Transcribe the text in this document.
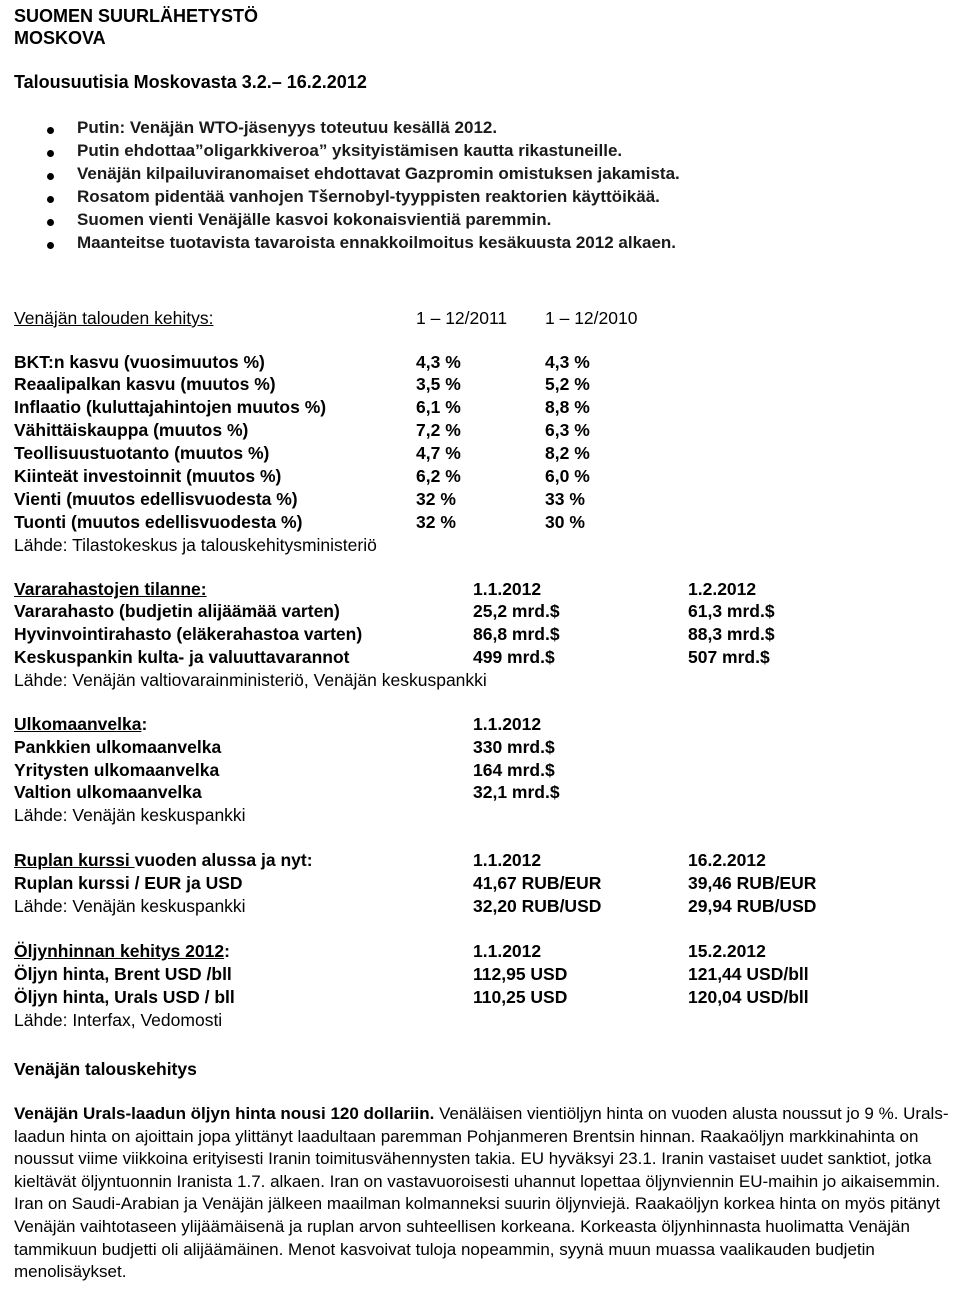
SUOMEN SUURLÄHETYSTÖ
MOSKOVA
Talousuutisia Moskovasta 3.2.– 16.2.2012
Putin: Venäjän WTO-jäsenyys toteutuu kesällä 2012.
Putin ehdottaa”oligarkkiveroa” yksityistämisen kautta rikastuneille.
Venäjän kilpailuviranomaiset ehdottavat Gazpromin omistuksen jakamista.
Rosatom pidentää vanhojen Tšernobyl-tyyppisten reaktorien käyttöikää.
Suomen vienti Venäjälle kasvoi kokonaisvientiä paremmin.
Maanteitse tuotavista tavaroista ennakkoilmoitus kesäkuusta 2012 alkaen.
Venäjän talouden kehitys:	1 – 12/2011 1 – 12/2010
BKT:n kasvu (vuosimuutos %)	4,3 %	4,3 %
Reaalipalkan kasvu (muutos %)	3,5 %	5,2 %
Inflaatio (kuluttajahintojen muutos %)	6,1 %	8,8 %
Vähittäiskauppa (muutos %)	7,2 %	6,3 %
Teollisuustuotanto (muutos %)	4,7 %	8,2 %
Kiinteät investoinnit (muutos %)	6,2 %	6,0 %
Vienti (muutos edellisvuodesta %)	32 %	33 %
Tuonti (muutos edellisvuodesta %)	32 %	30 %
Lähde: Tilastokeskus ja talouskehitysministeriö
Vararahastojen tilanne:	1.1.2012	1.2.2012
Vararahasto (budjetin alijäämää varten)	25,2 mrd.$	61,3 mrd.$
Hyvinvointirahasto (eläkerahastoa varten)	86,8 mrd.$	88,3 mrd.$
Keskuspankin kulta- ja valuuttavarannot	499 mrd.$	507 mrd.$
Lähde: Venäjän valtiovarainministeriö, Venäjän keskuspankki
Ulkomaanvelka:	1.1.2012
Pankkien ulkomaanvelka	330 mrd.$
Yritysten ulkomaanvelka	164 mrd.$
Valtion ulkomaanvelka	32,1 mrd.$
Lähde: Venäjän keskuspankki
Ruplan kurssi vuoden alussa ja nyt:	1.1.2012	16.2.2012
Ruplan kurssi / EUR ja USD	41,67 RUB/EUR	39,46 RUB/EUR
Lähde: Venäjän keskuspankki	32,20 RUB/USD	29,94 RUB/USD
Öljynhinnan kehitys 2012:	1.1.2012	15.2.2012
Öljyn hinta, Brent USD /bll	112,95 USD	121,44 USD/bll
Öljyn hinta, Urals USD / bll	110,25 USD	120,04 USD/bll
Lähde: Interfax, Vedomosti
Venäjän talouskehitys
Venäjän Urals-laadun öljyn hinta nousi 120 dollariin. Venäläisen vientiöljyn hinta on vuoden alusta noussut jo 9 %. Urals-laadun hinta on ajoittain jopa ylittänyt laadultaan paremman Pohjanmeren Brentsin hinnan. Raakaöljyn markkinahinta on noussut viime viikkoina erityisesti Iranin toimitusvähennysten takia. EU hyväksyi 23.1. Iranin vastaiset uudet sanktiot, jotka kieltävät öljyntuonnin Iranista 1.7. alkaen. Iran on vastavuoroisesti uhannut lopettaa öljynviennin EU-maihin jo aikaisemmin. Iran on Saudi-Arabian ja Venäjän jälkeen maailman kolmanneksi suurin öljynviejä. Raakaöljyn korkea hinta on myös pitänyt Venäjän vaihtotaseen ylijäämäisenä ja ruplan arvon suhteellisen korkeana. Korkeasta öljynhinnasta huolimatta Venäjän tammikuun budjetti oli alijäämäinen. Menot kasvoivat tuloja nopeammin, syynä muun muassa vaalikauden budjetin menolisäykset.
